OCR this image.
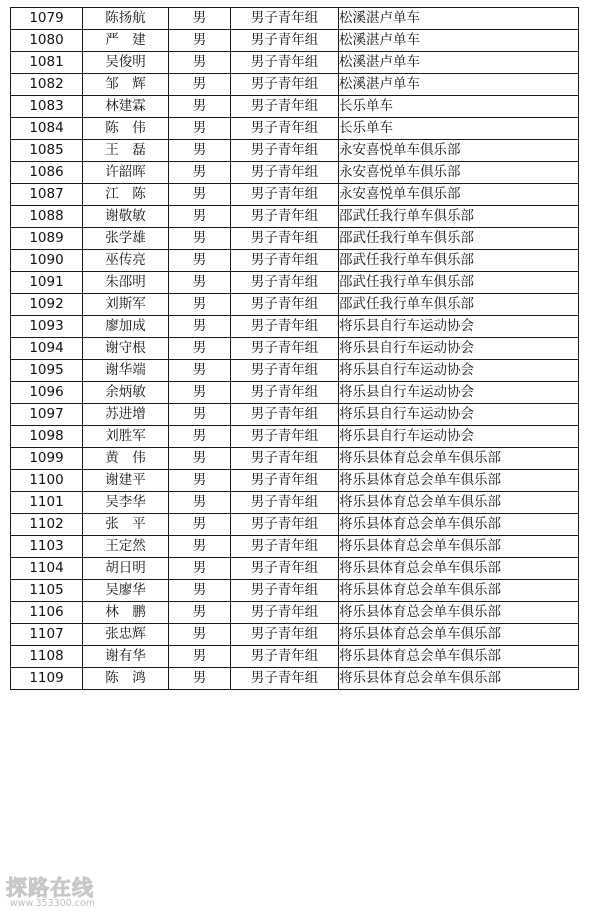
1079	陈扬航	男	男子青年组	松溪湛卢单车
1080	严　建	男	男子青年组	松溪湛卢单车
1081	吴俊明	男	男子青年组	松溪湛卢单车
1082	邹　辉	男	男子青年组	松溪湛卢单车
1083	林建霖	男	男子青年组	长乐单车
1084	陈　伟	男	男子青年组	长乐单车
1085	王　磊	男	男子青年组	永安喜悦单车俱乐部
1086	许韶晖	男	男子青年组	永安喜悦单车俱乐部
1087	江　陈	男	男子青年组	永安喜悦单车俱乐部
1088	谢敬敏	男	男子青年组	邵武任我行单车俱乐部
1089	张学雄	男	男子青年组	邵武任我行单车俱乐部
1090	巫传亮	男	男子青年组	邵武任我行单车俱乐部
1091	朱邵明	男	男子青年组	邵武任我行单车俱乐部
1092	刘斯军	男	男子青年组	邵武任我行单车俱乐部
1093	廖加成	男	男子青年组	将乐县自行车运动协会
1094	谢守根	男	男子青年组	将乐县自行车运动协会
1095	谢华端	男	男子青年组	将乐县自行车运动协会
1096	余炳敏	男	男子青年组	将乐县自行车运动协会
1097	苏进增	男	男子青年组	将乐县自行车运动协会
1098	刘胜军	男	男子青年组	将乐县自行车运动协会
1099	黄　伟	男	男子青年组	将乐县体育总会单车俱乐部
1100	谢建平	男	男子青年组	将乐县体育总会单车俱乐部
1101	吴李华	男	男子青年组	将乐县体育总会单车俱乐部
1102	张　平	男	男子青年组	将乐县体育总会单车俱乐部
1103	王定然	男	男子青年组	将乐县体育总会单车俱乐部
1104	胡日明	男	男子青年组	将乐县体育总会单车俱乐部
1105	吴廖华	男	男子青年组	将乐县体育总会单车俱乐部
1106	林　鹏	男	男子青年组	将乐县体育总会单车俱乐部
1107	张忠辉	男	男子青年组	将乐县体育总会单车俱乐部
1108	谢有华	男	男子青年组	将乐县体育总会单车俱乐部
1109	陈　鸿	男	男子青年组	将乐县体育总会单车俱乐部
探路在线
www.353300.com
